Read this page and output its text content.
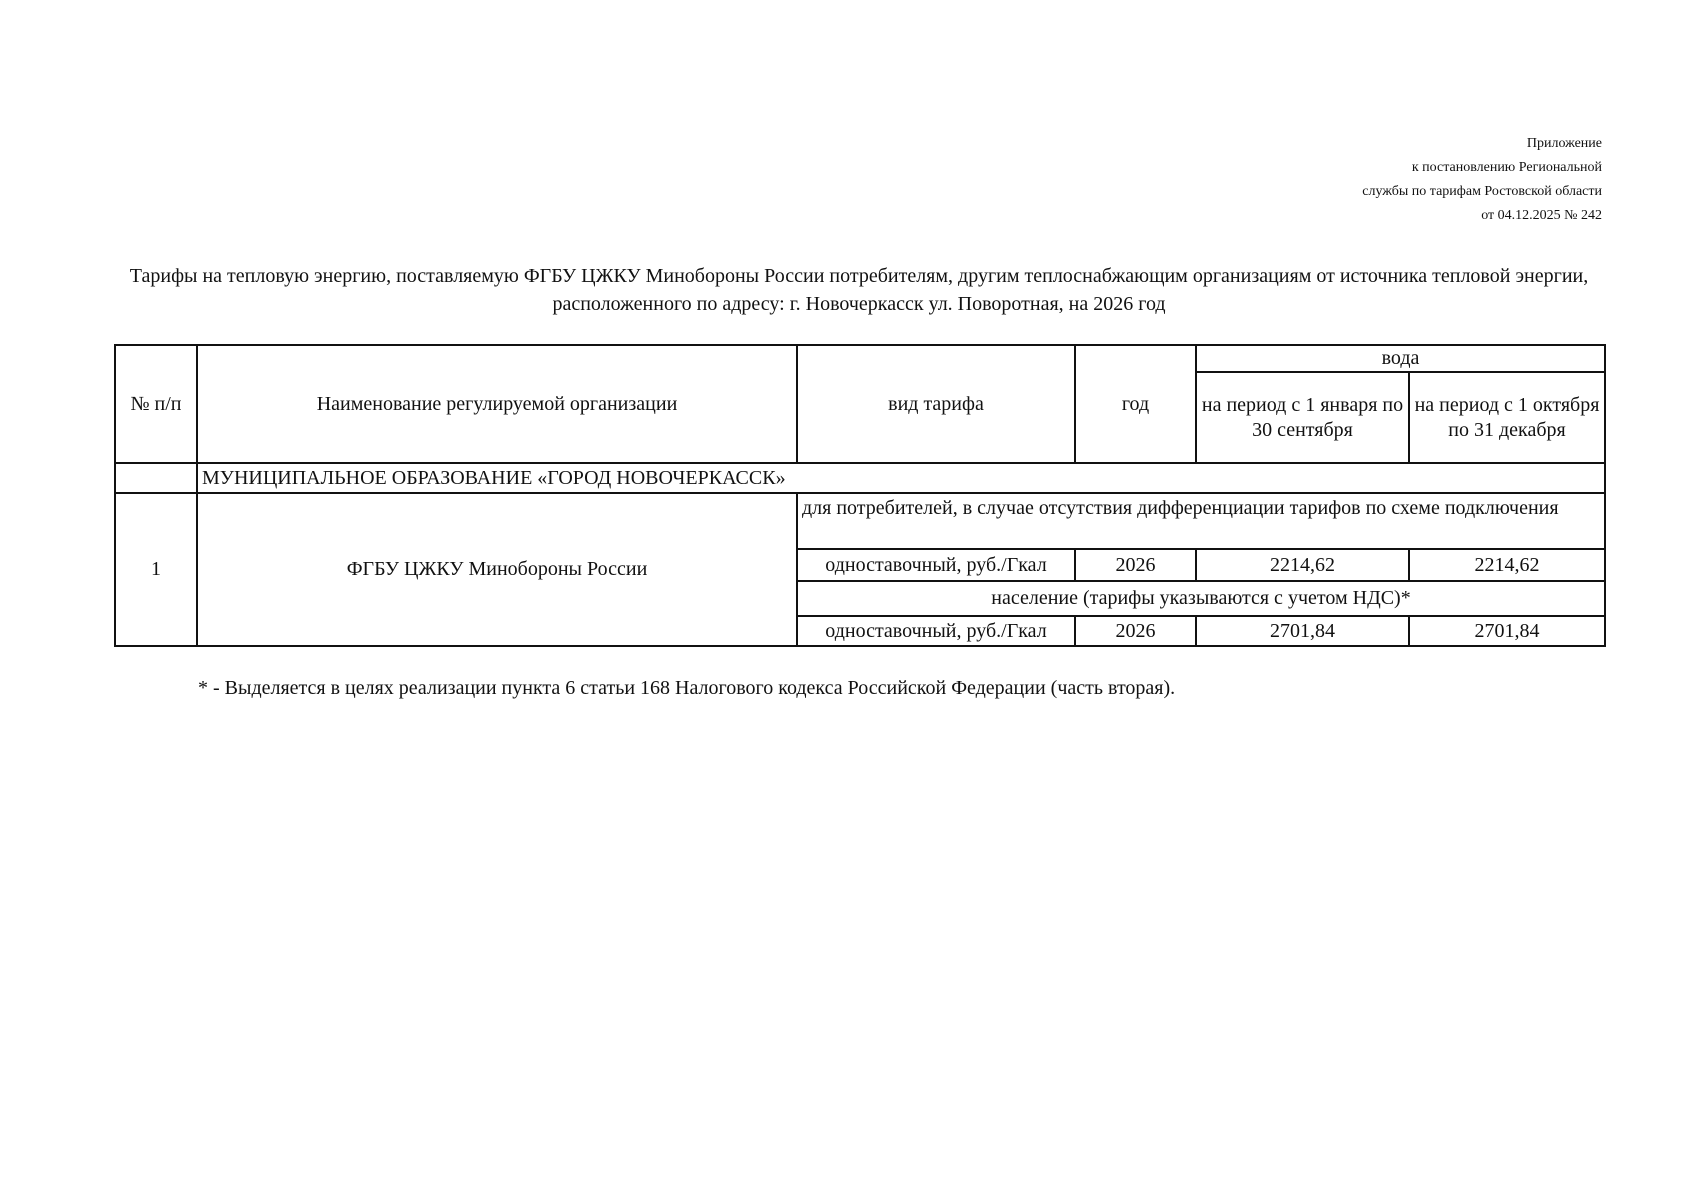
Приложение
к постановлению Региональной
службы по тарифам Ростовской области
от 04.12.2025 № 242
Тарифы на тепловую энергию, поставляемую ФГБУ ЦЖКУ Минобороны России потребителям, другим теплоснабжающим организациям от источника тепловой энергии, расположенного по адресу: г. Новочеркасск ул. Поворотная, на 2026 год
№ п/п	Наименование регулируемой организации	вид тарифа	год	вода	
				на период с 1 января по 30 сентября	на период с 1 октября по 31 декабря
	МУНИЦИПАЛЬНОЕ ОБРАЗОВАНИЕ «ГОРОД НОВОЧЕРКАССК»				
1	ФГБУ ЦЖКУ Минобороны России	для потребителей, в случае отсутствия дифференциации тарифов по схеме подключения			
		одноставочный, руб./Гкал	2026	2214,62	2214,62
		население (тарифы указываются с учетом НДС)*			
		одноставочный, руб./Гкал	2026	2701,84	2701,84
* - Выделяется в целях реализации пункта 6 статьи 168 Налогового кодекса Российской Федерации (часть вторая).
